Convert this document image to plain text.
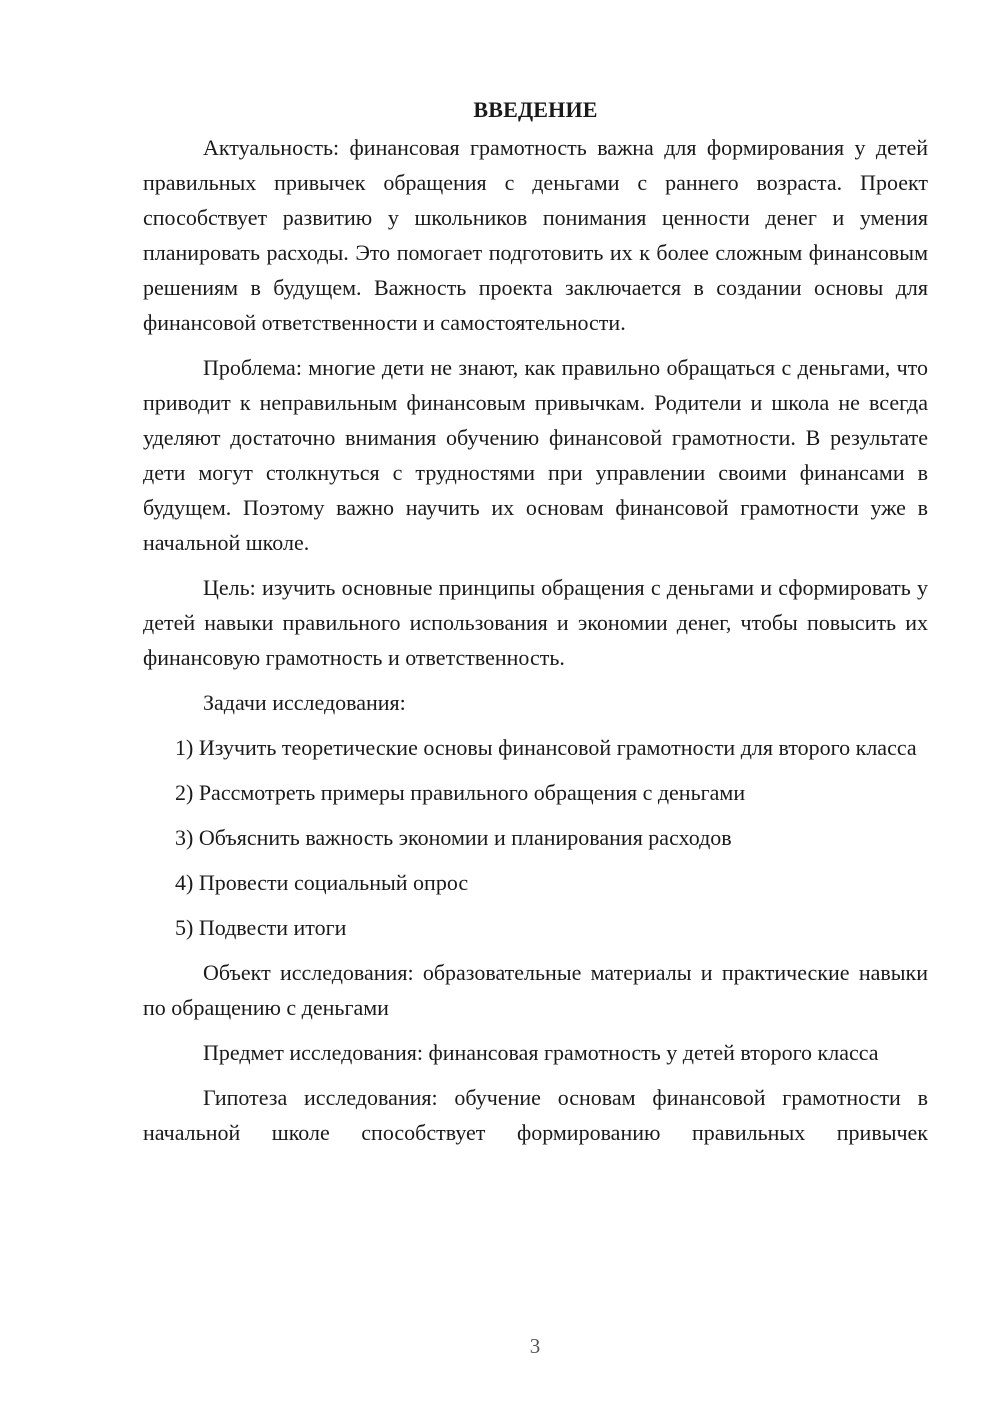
ВВЕДЕНИЕ

Актуальность: финансовая грамотность важна для формирования у детей правильных привычек обращения с деньгами с раннего возраста. Проект способствует развитию у школьников понимания ценности денег и умения планировать расходы. Это помогает подготовить их к более сложным финансовым решениям в будущем. Важность проекта заключается в создании основы для финансовой ответственности и самостоятельности.

Проблема: многие дети не знают, как правильно обращаться с деньгами, что приводит к неправильным финансовым привычкам. Родители и школа не всегда уделяют достаточно внимания обучению финансовой грамотности. В результате дети могут столкнуться с трудностями при управлении своими финансами в будущем. Поэтому важно научить их основам финансовой грамотности уже в начальной школе.

Цель: изучить основные принципы обращения с деньгами и сформировать у детей навыки правильного использования и экономии денег, чтобы повысить их финансовую грамотность и ответственность.

Задачи исследования:

1) Изучить теоретические основы финансовой грамотности для второго класса

2) Рассмотреть примеры правильного обращения с деньгами

3) Объяснить важность экономии и планирования расходов

4) Провести социальный опрос

5) Подвести итоги

Объект исследования: образовательные материалы и практические навыки по обращению с деньгами

Предмет исследования: финансовая грамотность у детей второго класса

Гипотеза исследования: обучение основам финансовой грамотности в начальной школе способствует формированию правильных привычек

3
